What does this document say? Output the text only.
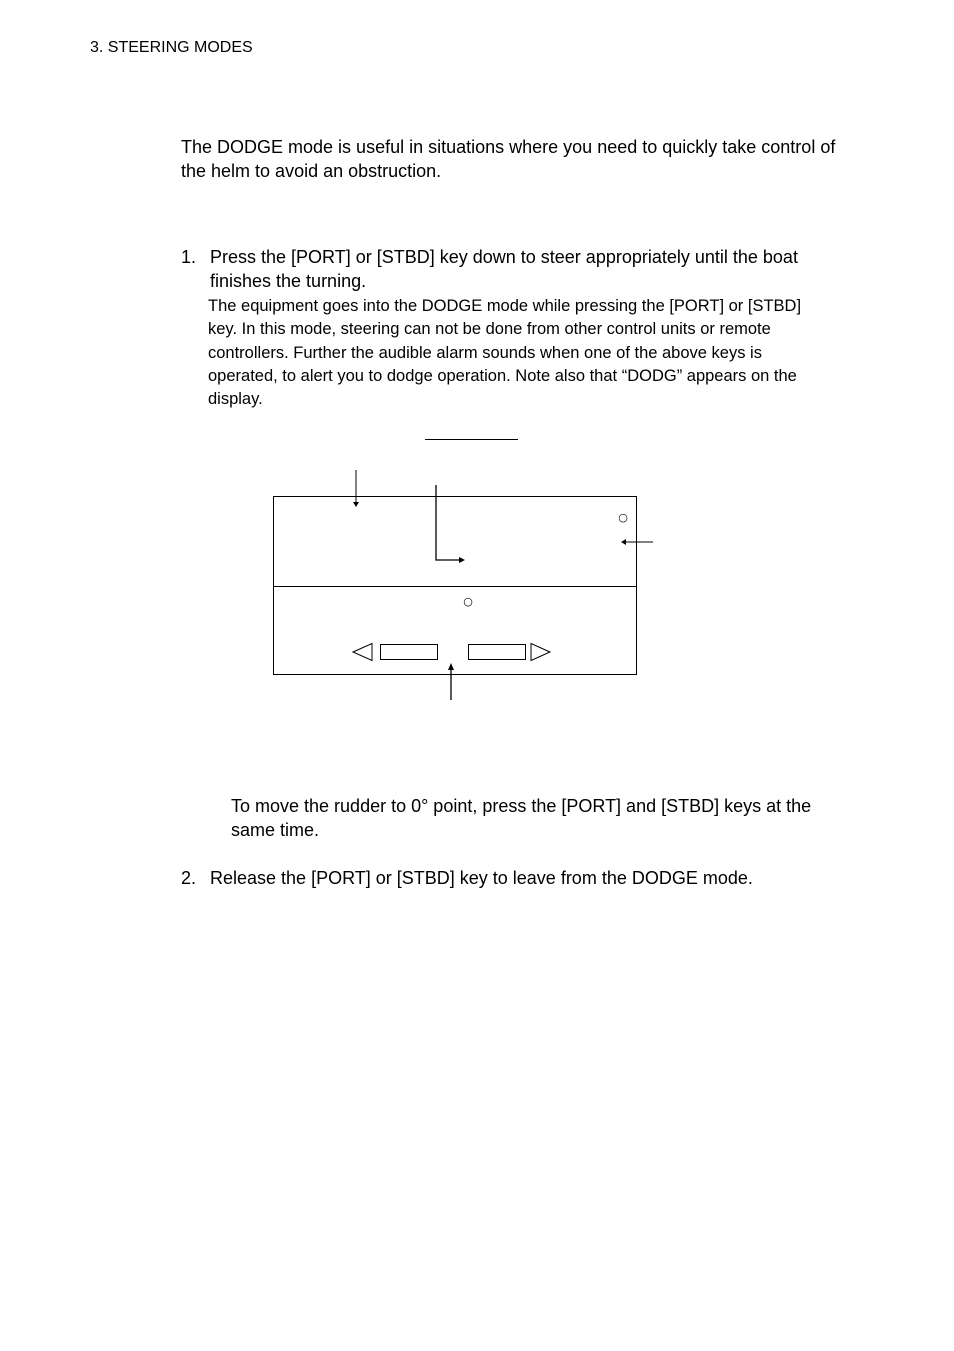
3. STEERING MODES
The DODGE mode is useful in situations where you need to quickly take control of the helm to avoid an obstruction.
1. Press the [PORT] or [STBD] key down to steer appropriately until the boat finishes the turning.
The equipment goes into the DODGE mode while pressing the [PORT] or [STBD] key. In this mode, steering can not be done from other control units or remote controllers. Further the audible alarm sounds when one of the above keys is operated, to alert you to dodge operation. Note also that “DODG” appears on the display.
○
○
To move the rudder to 0° point, press the [PORT] and [STBD] keys at the same time.
2. Release the [PORT] or [STBD] key to leave from the DODGE mode.
